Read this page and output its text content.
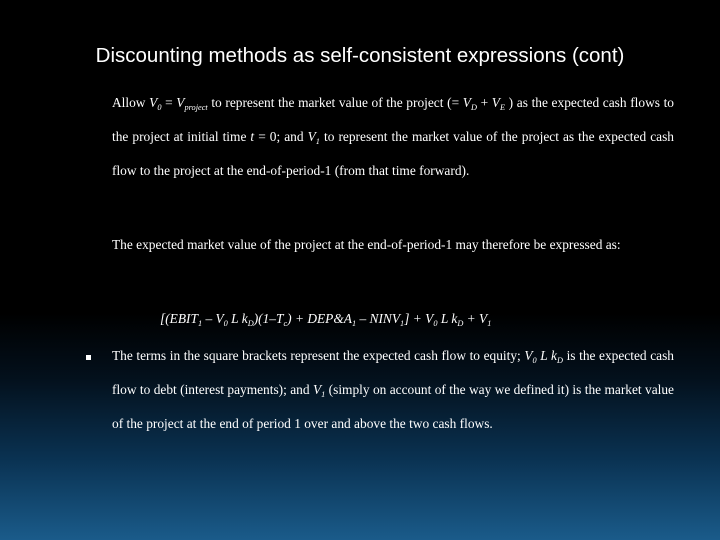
Discounting methods as self-consistent expressions (cont)
Allow $V_0 = V_{project}$ to represent the market value of the project (= $V_D + V_E$ ) as the expected cash flows to the project at initial time t = 0; and $V_1$ to represent the market value of the project as the expected cash flow to the project at the end-of-period-1 (from that time forward).
The expected market value of the project at the end-of-period-1 may therefore be expressed as:
[($EBIT_1 - V_0$ L $k_D)(1-T_c)$ + $DEP\&A_1$ – $NINV_1] + V_0$ L $k_D + V_1$
The terms in the square brackets represent the expected cash flow to equity; $V_0$ L $k_D$ is the expected cash flow to debt (interest payments); and $V_1$ (simply on account of the way we defined it) is the market value of the project at the end of period 1 over and above the two cash flows.
